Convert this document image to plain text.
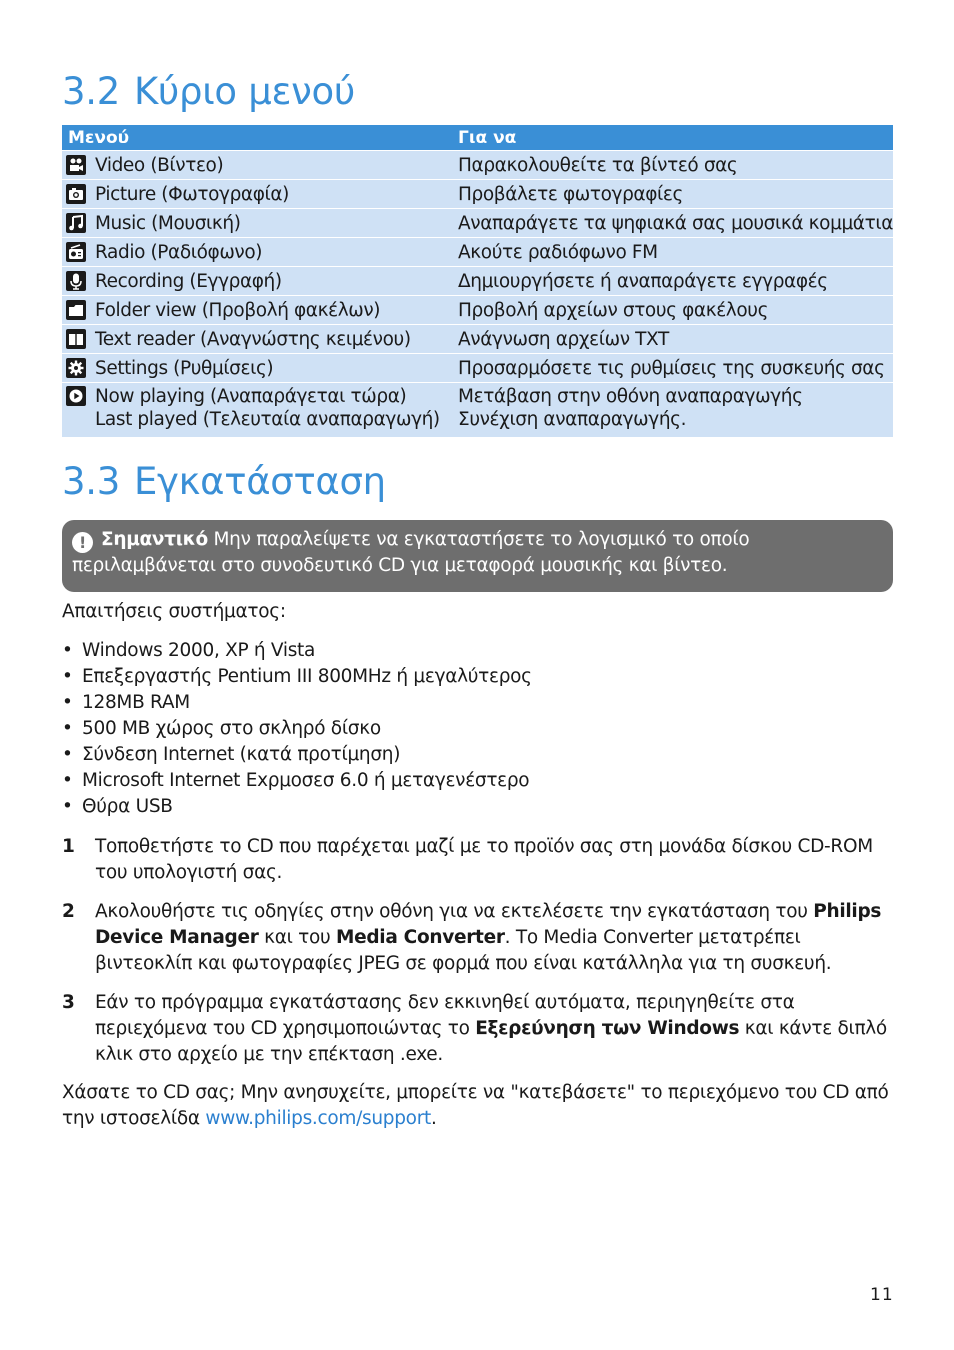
3.2 Κύριο μενού
Μενού	Για να

Video (Βίντεο)	Παρακολουθείτε τα βίντεό σας

Picture (Φωτογραφία)	Προβάλετε φωτογραφίες

Music (Μουσική)	Αναπαράγετε τα ψηφιακά σας μουσικά κομμάτια

Radio (Ραδιόφωνο)	Ακούτε ραδιόφωνο FM

Recording (Εγγραφή)	Δημιουργήσετε ή αναπαράγετε εγγραφές

Folder view (Προβολή φακέλων)	Προβολή αρχείων στους φακέλους

Text reader (Αναγνώστης κειμένου)	Ανάγνωση αρχείων TXT

Settings (Ρυθμίσεις)	Προσαρμόσετε τις ρυθμίσεις της συσκευής σας

Now playing (Αναπαράγεται τώρα)	Μετάβαση στην οθόνη αναπαραγωγής
Last played (Τελευταία αναπαραγωγή)	Συνέχιση αναπαραγωγής.
3.3 Εγκατάσταση
! Σημαντικό Μην παραλείψετε να εγκαταστήσετε το λογισμικό το οποίο περιλαμβάνεται στο συνοδευτικό CD για μεταφορά μουσικής και βίντεο.

Απαιτήσεις συστήματος:

• Windows 2000, XP ή Vista
• Επεξεργαστής Pentium III 800MHz ή μεγαλύτερος
• 128MB RAM
• 500 MB χώρος στο σκληρό δίσκο
• Σύνδεση Internet (κατά προτίμηση)
• Microsoft Internet Exρμοσεσ 6.0 ή μεταγενέστερο
• Θύρα USB
1 Τοποθετήστε το CD που παρέχεται μαζί με το προϊόν σας στη μονάδα δίσκου CD-ROM του υπολογιστή σας.
2 Ακολουθήστε τις οδηγίες στην οθόνη για να εκτελέσετε την εγκατάσταση του Philips Device Manager και του Media Converter. Το Media Converter μετατρέπει βιντεοκλίπ και φωτογραφίες JPEG σε φορμά που είναι κατάλληλα για τη συσκευή.
3 Εάν το πρόγραμμα εγκατάστασης δεν εκκινηθεί αυτόματα, περιηγηθείτε στα περιεχόμενα του CD χρησιμοποιώντας το Εξερεύνηση των Windows και κάντε διπλό κλικ στο αρχείο με την επέκταση .exe.

Χάσατε το CD σας; Μην ανησυχείτε, μπορείτε να "κατεβάσετε" το περιεχόμενο του CD από την ιστοσελίδα www.philips.com/support.

11
